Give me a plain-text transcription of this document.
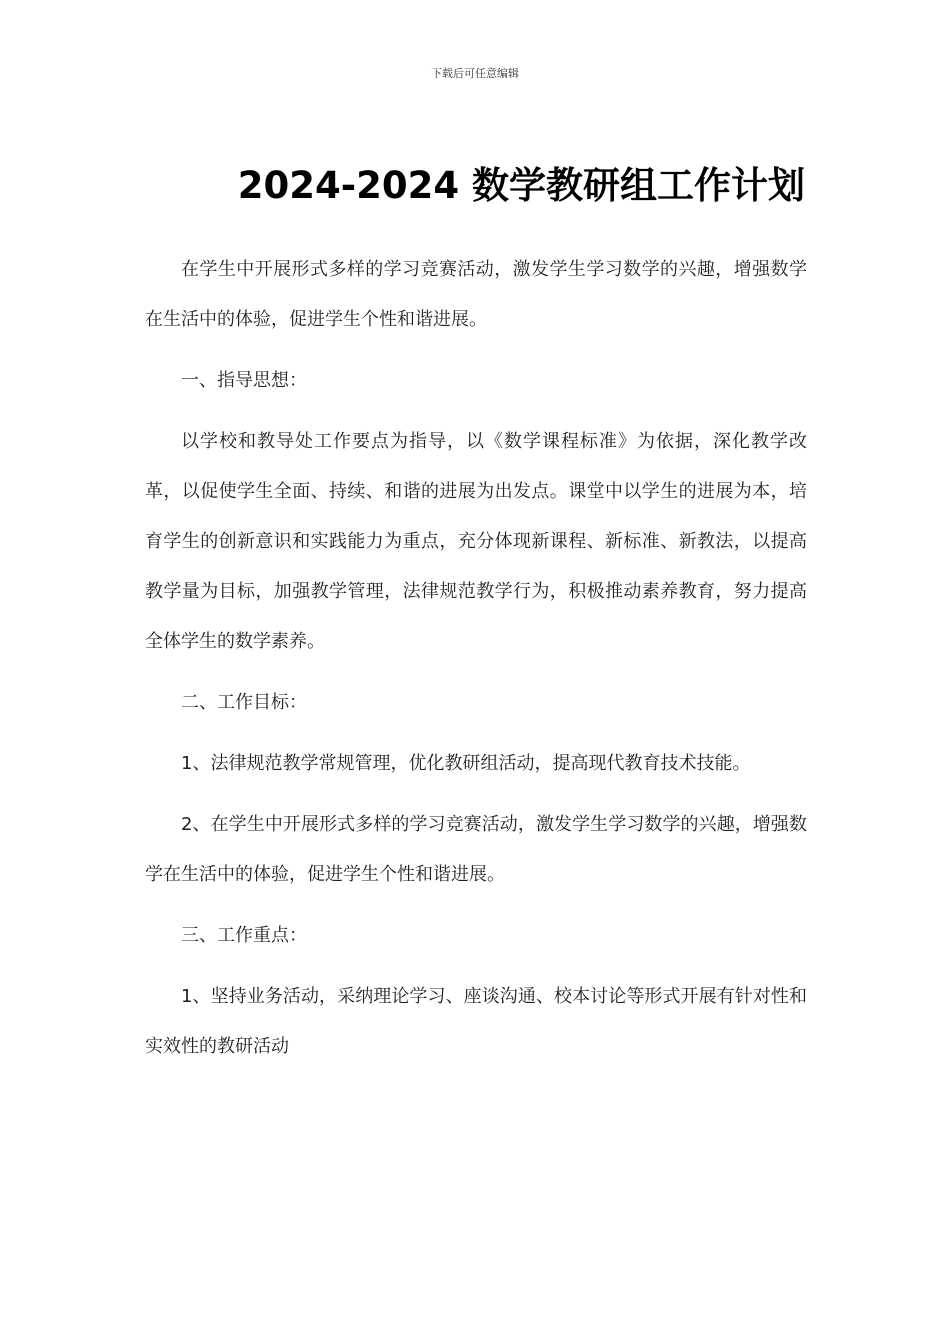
下载后可任意编辑
2024-2024 数学教研组工作计划

在学生中开展形式多样的学习竞赛活动，激发学生学习数学的兴趣，增强数学在生活中的体验，促进学生个性和谐进展。

一、指导思想：

以学校和教导处工作要点为指导，以《数学课程标准》为依据，深化教学改革，以促使学生全面、持续、和谐的进展为出发点。课堂中以学生的进展为本，培育学生的创新意识和实践能力为重点，充分体现新课程、新标准、新教法，以提高教学量为目标，加强教学管理，法律规范教学行为，积极推动素养教育，努力提高全体学生的数学素养。

二、工作目标：

1、法律规范教学常规管理，优化教研组活动，提高现代教育技术技能。

2、在学生中开展形式多样的学习竞赛活动，激发学生学习数学的兴趣，增强数学在生活中的体验，促进学生个性和谐进展。

三、工作重点：

1、坚持业务活动，采纳理论学习、座谈沟通、校本讨论等形式开展有针对性和实效性的教研活动
